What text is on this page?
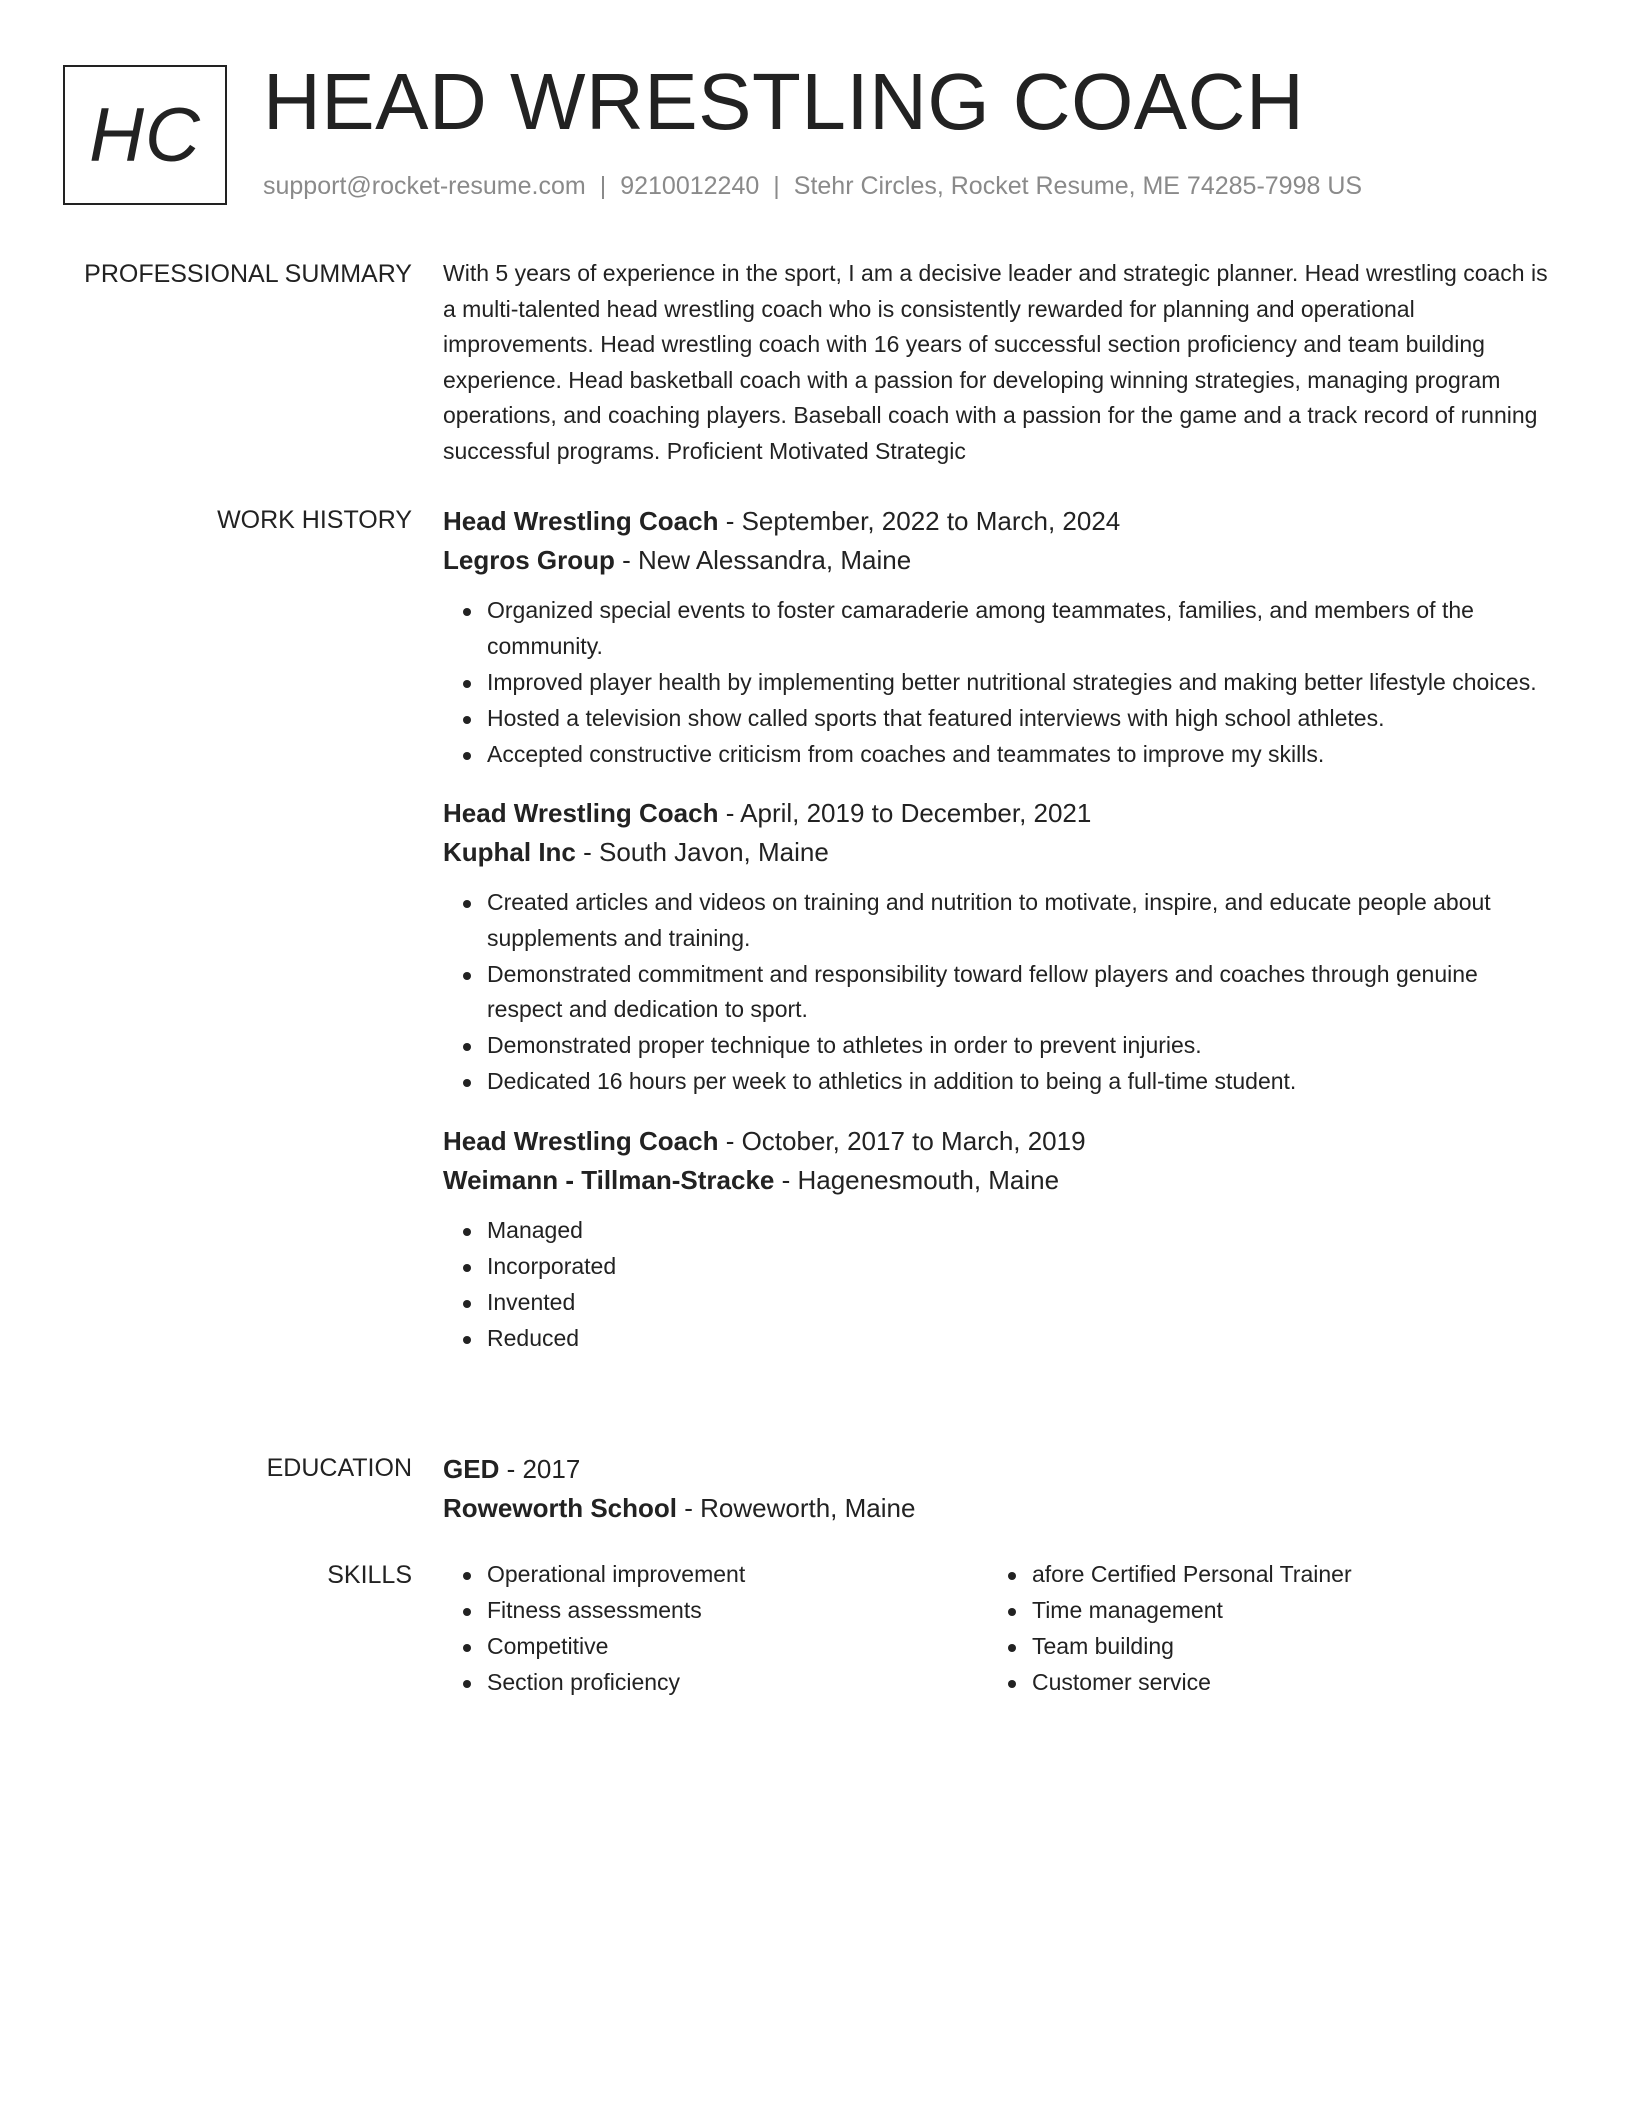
HC HEAD WRESTLING COACH
support@rocket-resume.com | 9210012240 | Stehr Circles, Rocket Resume, ME 74285-7998 US
PROFESSIONAL SUMMARY With 5 years of experience in the sport, I am a decisive leader and strategic planner. Head wrestling coach is a multi-talented head wrestling coach who is consistently rewarded for planning and operational improvements. Head wrestling coach with 16 years of successful section proficiency and team building experience. Head basketball coach with a passion for developing winning strategies, managing program operations, and coaching players. Baseball coach with a passion for the game and a track record of running successful programs. Proficient Motivated Strategic

WORK HISTORY Head Wrestling Coach - September, 2022 to March, 2024
Legros Group - New Alessandra, Maine
Organized special events to foster camaraderie among teammates, families, and members of the community.
Improved player health by implementing better nutritional strategies and making better lifestyle choices.
Hosted a television show called sports that featured interviews with high school athletes.
Accepted constructive criticism from coaches and teammates to improve my skills.
Head Wrestling Coach - April, 2019 to December, 2021
Kuphal Inc - South Javon, Maine
Created articles and videos on training and nutrition to motivate, inspire, and educate people about supplements and training.
Demonstrated commitment and responsibility toward fellow players and coaches through genuine respect and dedication to sport.
Demonstrated proper technique to athletes in order to prevent injuries.
Dedicated 16 hours per week to athletics in addition to being a full-time student.
Head Wrestling Coach - October, 2017 to March, 2019
Weimann - Tillman-Stracke - Hagenesmouth, Maine
Managed
Incorporated
Invented
Reduced
EDUCATION GED - 2017
Roweworth School - Roweworth, Maine
SKILLS	Operational improvement
Fitness assessments
Competitive
Section proficiency
afore Certified Personal Trainer
Time management
Team building
Customer service
